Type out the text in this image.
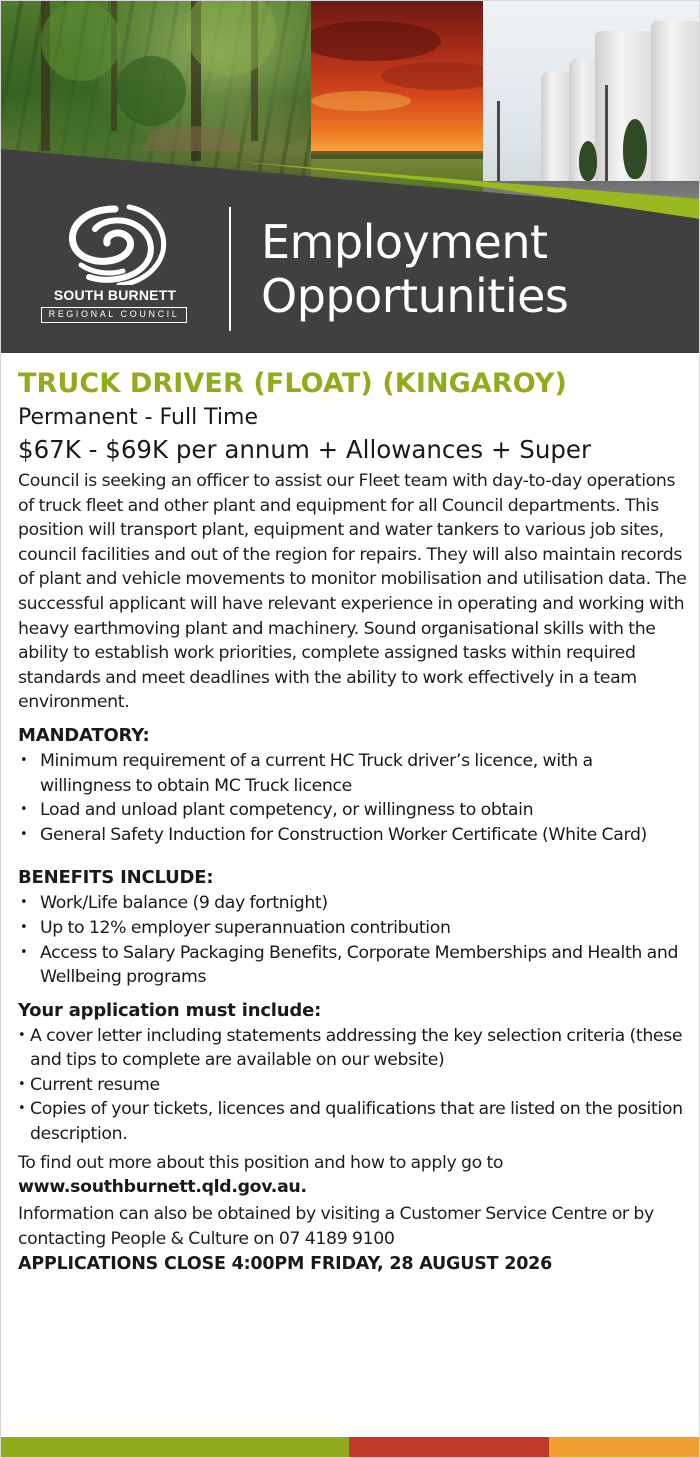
SOUTH BURNETT
REGIONAL COUNCIL
Employment
Opportunities
TRUCK DRIVER (FLOAT) (KINGAROY)
Permanent - Full Time
$67K - $69K per annum + Allowances + Super

Council is seeking an officer to assist our Fleet team with day-to-day operations of truck fleet and other plant and equipment for all Council departments. This position will transport plant, equipment and water tankers to various job sites, council facilities and out of the region for repairs. They will also maintain records of plant and vehicle movements to monitor mobilisation and utilisation data. The successful applicant will have relevant experience in operating and working with heavy earthmoving plant and machinery. Sound organisational skills with the ability to establish work priorities, complete assigned tasks within required standards and meet deadlines with the ability to work effectively in a team environment.

MANDATORY:
• Minimum requirement of a current HC Truck driver’s licence, with a willingness to obtain MC Truck licence
• Load and unload plant competency, or willingness to obtain
• General Safety Induction for Construction Worker Certificate (White Card)
BENEFITS INCLUDE:
• Work/Life balance (9 day fortnight)
• Up to 12% employer superannuation contribution
• Access to Salary Packaging Benefits, Corporate Memberships and Health and Wellbeing programs
Your application must include:
• A cover letter including statements addressing the key selection criteria (these and tips to complete are available on our website)
• Current resume
• Copies of your tickets, licences and qualifications that are listed on the position description.

To find out more about this position and how to apply go to

www.southburnett.qld.gov.au.

Information can also be obtained by visiting a Customer Service Centre or by contacting People & Culture on 07 4189 9100

APPLICATIONS CLOSE 4:00PM FRIDAY, 28 AUGUST 2026
